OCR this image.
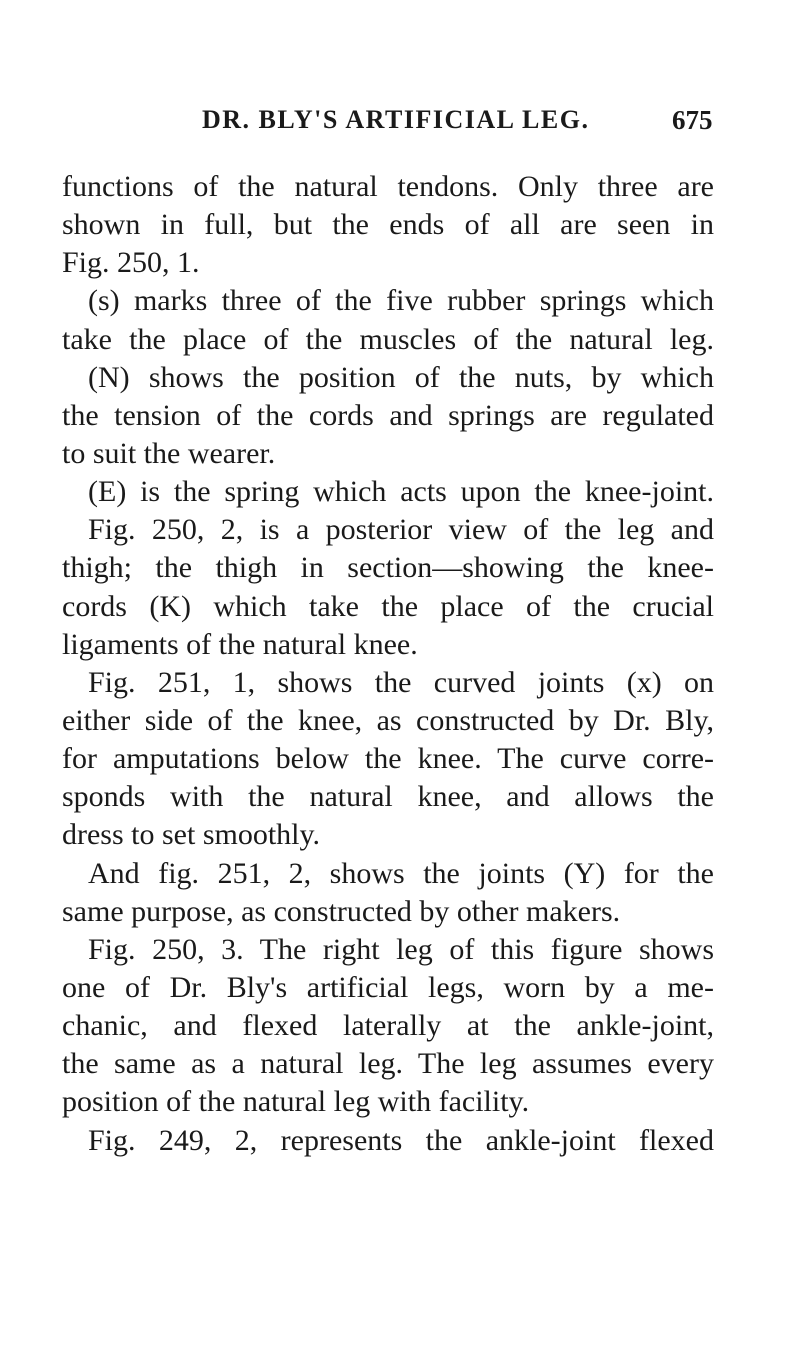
DR. BLY'S ARTIFICIAL LEG.	675
functions of the natural tendons. Only three are
shown in full, but the ends of all are seen in
Fig. 250, 1.
(s) marks three of the five rubber springs which
take the place of the muscles of the natural leg.
(N) shows the position of the nuts, by which
the tension of the cords and springs are regulated
to suit the wearer.
(E) is the spring which acts upon the knee-joint.
Fig. 250, 2, is a posterior view of the leg and
thigh; the thigh in section—showing the knee-
cords (K) which take the place of the crucial
ligaments of the natural knee.
Fig. 251, 1, shows the curved joints (x) on
either side of the knee, as constructed by Dr. Bly,
for amputations below the knee. The curve corre-
sponds with the natural knee, and allows the
dress to set smoothly.
And fig. 251, 2, shows the joints (Y) for the
same purpose, as constructed by other makers.
Fig. 250, 3. The right leg of this figure shows
one of Dr. Bly's artificial legs, worn by a me-
chanic, and flexed laterally at the ankle-joint,
the same as a natural leg. The leg assumes every
position of the natural leg with facility.
Fig. 249, 2, represents the ankle-joint flexed
